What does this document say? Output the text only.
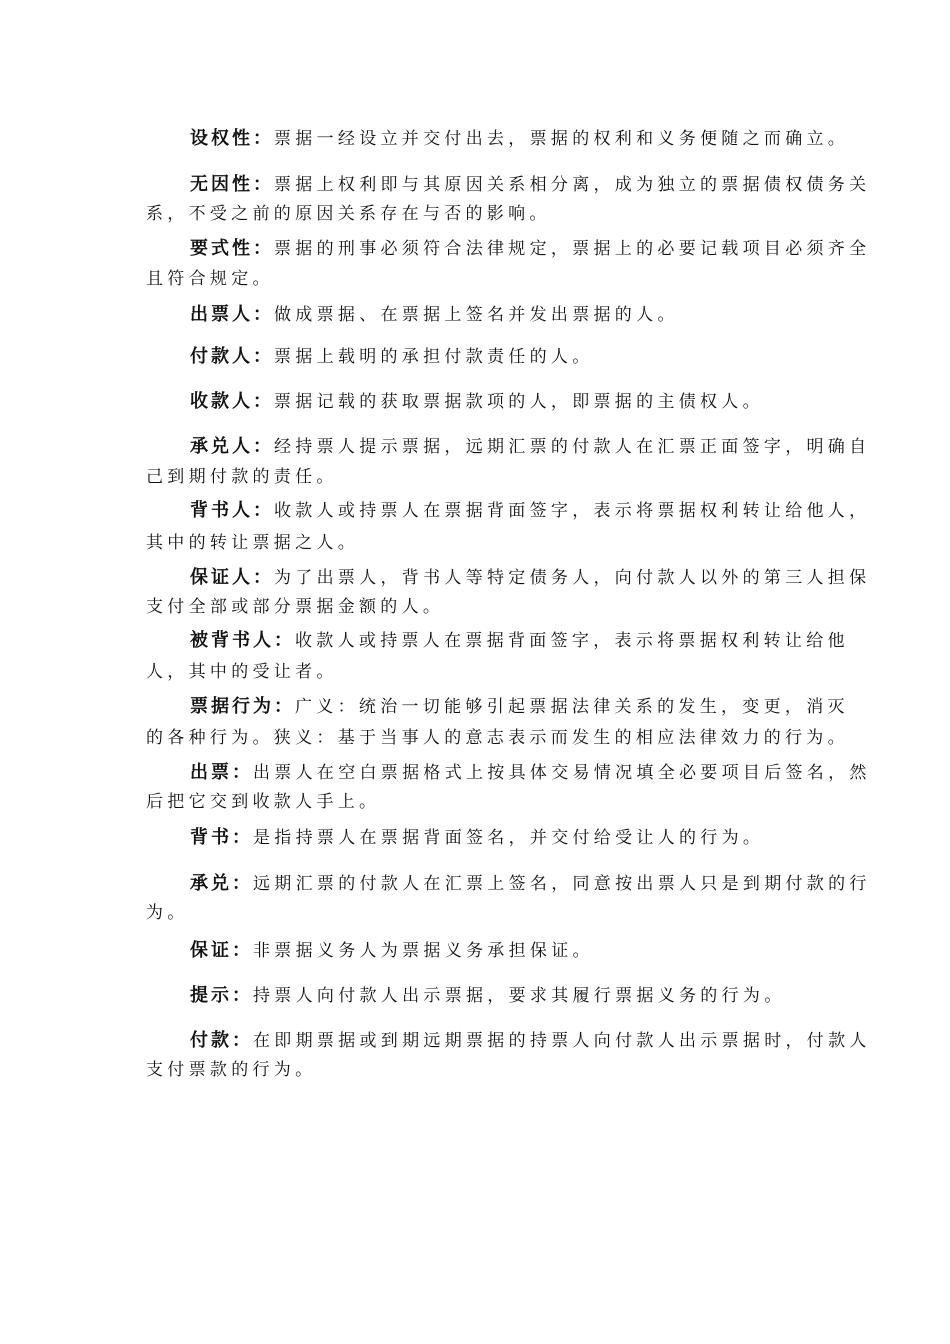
设权性：票据一经设立并交付出去，票据的权利和义务便随之而确立。
无因性：票据上权利即与其原因关系相分离，成为独立的票据债权债务关
系，不受之前的原因关系存在与否的影响。
要式性：票据的刑事必须符合法律规定，票据上的必要记载项目必须齐全
且符合规定。
出票人：做成票据、在票据上签名并发出票据的人。
付款人：票据上载明的承担付款责任的人。
收款人：票据记载的获取票据款项的人，即票据的主债权人。
承兑人：经持票人提示票据，远期汇票的付款人在汇票正面签字，明确自
己到期付款的责任。
背书人：收款人或持票人在票据背面签字，表示将票据权利转让给他人，
其中的转让票据之人。
保证人：为了出票人，背书人等特定债务人，向付款人以外的第三人担保
支付全部或部分票据金额的人。
被背书人：收款人或持票人在票据背面签字，表示将票据权利转让给他
人，其中的受让者。
票据行为：广义：统治一切能够引起票据法律关系的发生，变更，消灭
的各种行为。狭义：基于当事人的意志表示而发生的相应法律效力的行为。
出票：出票人在空白票据格式上按具体交易情况填全必要项目后签名，然
后把它交到收款人手上。
背书：是指持票人在票据背面签名，并交付给受让人的行为。
承兑：远期汇票的付款人在汇票上签名，同意按出票人只是到期付款的行
为。
保证：非票据义务人为票据义务承担保证。
提示：持票人向付款人出示票据，要求其履行票据义务的行为。
付款：在即期票据或到期远期票据的持票人向付款人出示票据时，付款人
支付票款的行为。
